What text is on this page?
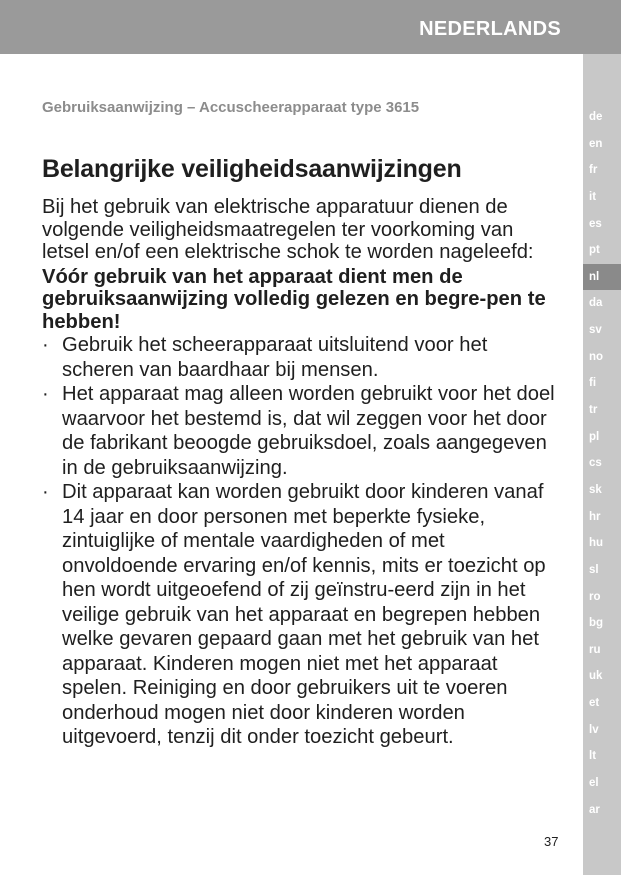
NEDERLANDS
de
en
fr
it
es
pt
nl
da
sv
no
fi
tr
pl
cs
sk
hr
hu
sl
ro
bg
ru
uk
et
lv
lt
el
ar
Gebruiksaanwijzing – Accuscheerapparaat type 3615
Belangrijke veiligheidsaanwijzingen

Bij het gebruik van elektrische apparatuur dienen de volgende veiligheidsmaatregelen ter voorkoming van letsel en/of een elektrische schok te worden nageleefd:

Vóór gebruik van het apparaat dient men de gebruiksaanwijzing volledig gelezen en begre-pen te hebben!

· Gebruik het scheerapparaat uitsluitend voor het scheren van baardhaar bij mensen.
· Het apparaat mag alleen worden gebruikt voor het doel waarvoor het bestemd is, dat wil zeggen voor het door de fabrikant beoogde gebruiksdoel, zoals aangegeven in de gebruiksaanwijzing.
· Dit apparaat kan worden gebruikt door kinderen vanaf 14 jaar en door personen met beperkte fysieke, zintuiglijke of mentale vaardigheden of met onvoldoende ervaring en/of kennis, mits er toezicht op hen wordt uitgeoefend of zij geïnstru-eerd zijn in het veilige gebruik van het apparaat en begrepen hebben welke gevaren gepaard gaan met het gebruik van het apparaat. Kinderen mogen niet met het apparaat spelen. Reiniging en door gebruikers uit te voeren onderhoud mogen niet door kinderen worden uitgevoerd, tenzij dit onder toezicht gebeurt.
37
